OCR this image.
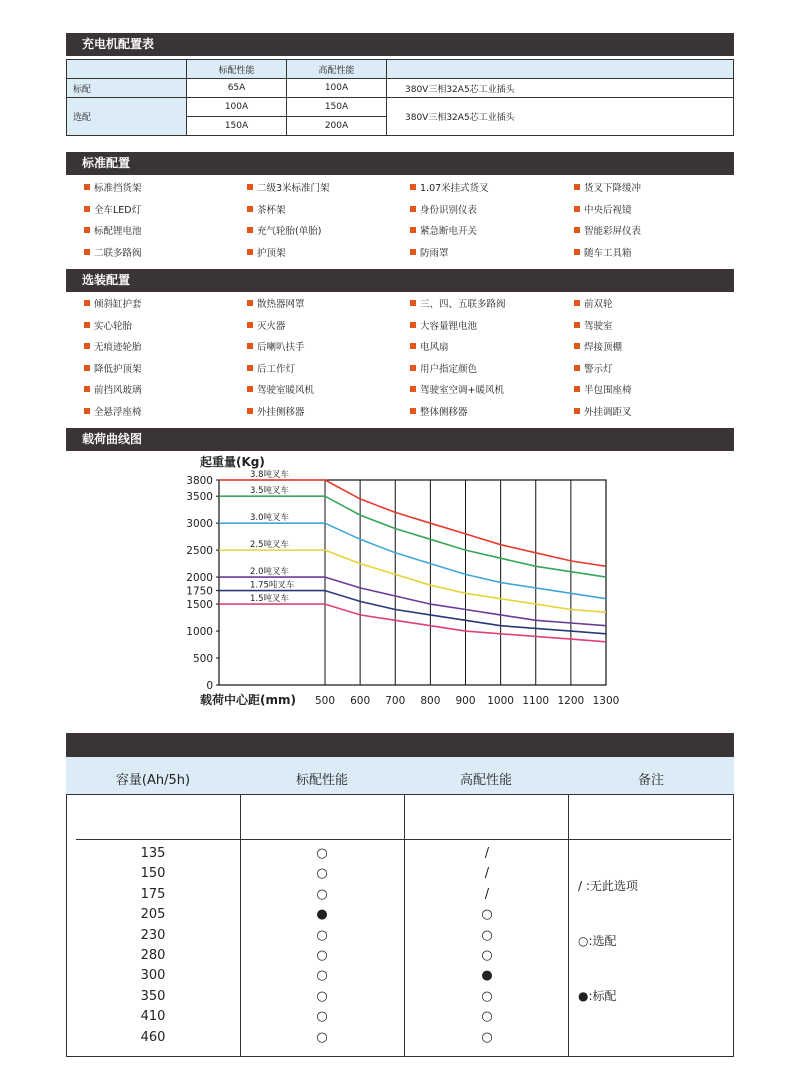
充电机配置表
	标配性能	高配性能	
标配	65A	100A	380V三相32A5芯工业插头
选配	100A	150A	380V三相32A5芯工业插头
	150A	200A	
标准配置
标准挡货架	二级3米标准门架	1.07米挂式货叉	货叉下降缓冲
全车LED灯	茶杯架	身份识别仪表	中央后视镜
标配锂电池	充气轮胎(单胎)	紧急断电开关	智能彩屏仪表
二联多路阀	护顶架	防雨罩	随车工具箱
选装配置
倾斜缸护套	散热器网罩	三、四、五联多路阀	前双轮
实心轮胎	灭火器	大容量锂电池	驾驶室
无痕迹轮胎	后喇叭扶手	电风扇	焊接顶棚
降低护顶架	后工作灯	用户指定颜色	警示灯
前挡风玻璃	驾驶室暖风机	驾驶室空调+暖风机	半包围座椅
全悬浮座椅	外挂侧移器	整体侧移器	外挂调距叉
载荷曲线图
500 600 700 800 900 1000 1100 1200 1300
0
500
1000
1500
1750
2000
2500
3000
3500
3800
起重量(Kg)
载荷中心距(mm)
3.8吨叉车
3.5吨叉车
3.0吨叉车
2.5吨叉车
2.0吨叉车
1.75吨叉车
1.5吨叉车
容量(Ah/5h)	标配性能	高配性能	备注
135	○	/
150	○	/
175	○	/
205	●	○
230	○	○
280	○	○
300	○	●
350	○	○
410	○	○
460	○	○
/ :无此选项
○:选配
●:标配
